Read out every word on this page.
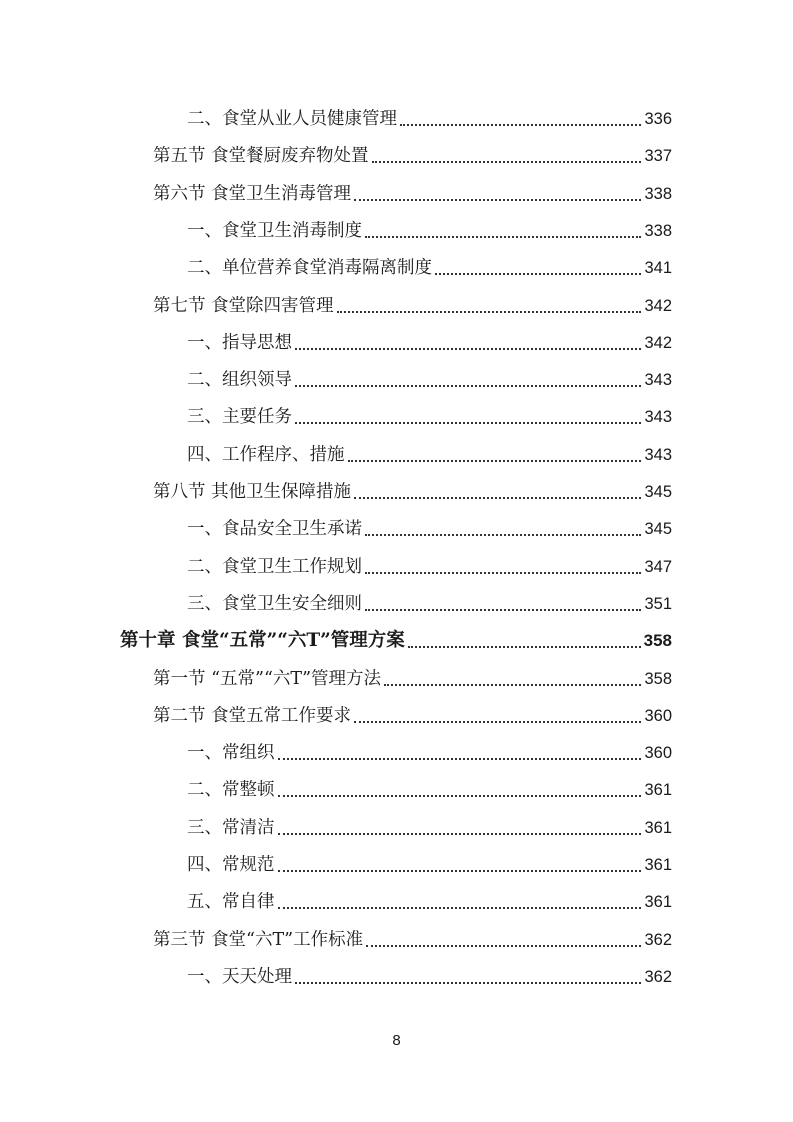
二、食堂从业人员健康管理	336
第五节 食堂餐厨废弃物处置	337
第六节 食堂卫生消毒管理	338
一、食堂卫生消毒制度	338
二、单位营养食堂消毒隔离制度	341
第七节 食堂除四害管理	342
一、指导思想	342
二、组织领导	343
三、主要任务	343
四、工作程序、措施	343
第八节 其他卫生保障措施	345
一、食品安全卫生承诺	345
二、食堂卫生工作规划	347
三、食堂卫生安全细则	351
第十章 食堂“五常”“六T”管理方案	358
第一节 “五常”“六T”管理方法	358
第二节 食堂五常工作要求	360
一、常组织	360
二、常整顿	361
三、常清洁	361
四、常规范	361
五、常自律	361
第三节 食堂“六T”工作标准	362
一、天天处理	362
8
